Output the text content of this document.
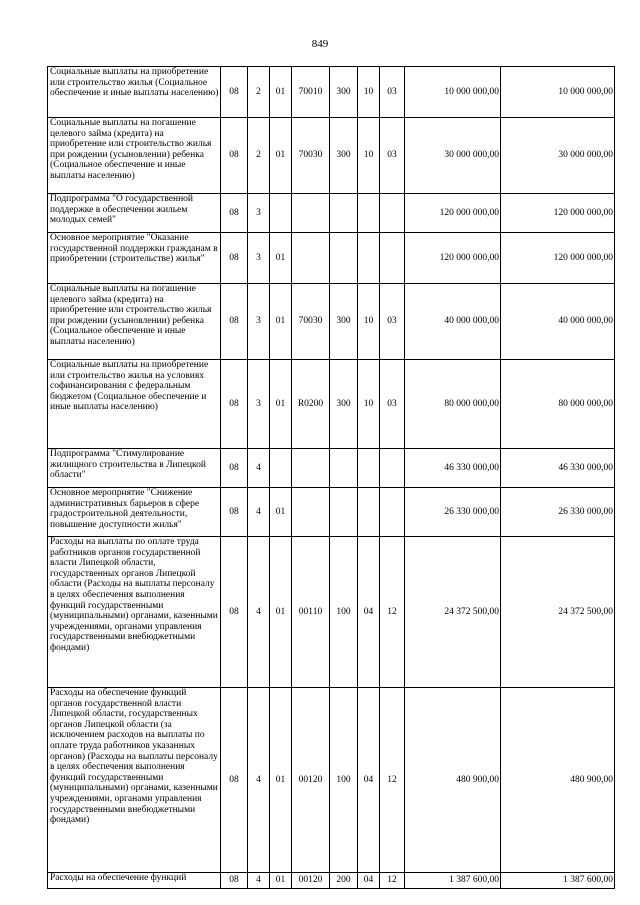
849
Социальные выплаты на приобретение или строительство жилья (Социальное обеспечение и иные выплаты населению)	08	2	01	70010	300	10	03	10 000 000,00	10 000 000,00
Социальные выплаты на погашение целевого займа (кредита) на приобретение или строительство жилья при рождении (усыновлении) ребенка (Социальное обеспечение и иные выплаты населению)	08	2	01	70030	300	10	03	30 000 000,00	30 000 000,00
Подпрограмма "О государственной поддержке в обеспечении жильем молодых семей"	08	3						120 000 000,00	120 000 000,00
Основное мероприятие "Оказание государственной поддержки гражданам в приобретении (строительстве) жилья"	08	3	01					120 000 000,00	120 000 000,00
Социальные выплаты на погашение целевого займа (кредита) на приобретение или строительство жилья при рождении (усыновлении) ребенка (Социальное обеспечение и иные выплаты населению)	08	3	01	70030	300	10	03	40 000 000,00	40 000 000,00
Социальные выплаты на приобретение или строительство жилья на условиях софинансирования с федеральным бюджетом (Социальное обеспечение и иные выплаты населению)	08	3	01	R0200	300	10	03	80 000 000,00	80 000 000,00
Подпрограмма "Стимулирование жилищного строительства в Липецкой области"	08	4						46 330 000,00	46 330 000,00
Основное мероприятие "Снижение административных барьеров в сфере градостроительной деятельности, повышение доступности жилья"	08	4	01					26 330 000,00	26 330 000,00
Расходы на выплаты по оплате труда работников органов государственной власти Липецкой области, государственных органов Липецкой области (Расходы на выплаты персоналу в целях обеспечения выполнения функций государственными (муниципальными) органами, казенными учреждениями, органами управления государственными внебюджетными фондами)	08	4	01	00110	100	04	12	24 372 500,00	24 372 500,00
Расходы на обеспечение функций органов государственной власти Липецкой области, государственных органов Липецкой области (за исключением расходов на выплаты по оплате труда работников указанных органов) (Расходы на выплаты персоналу в целях обеспечения выполнения функций государственными (муниципальными) органами, казенными учреждениями, органами управления государственными внебюджетными фондами)	08	4	01	00120	100	04	12	480 900,00	480 900,00
Расходы на обеспечение функций	08	4	01	00120	200	04	12	1 387 600,00	1 387 600,00
